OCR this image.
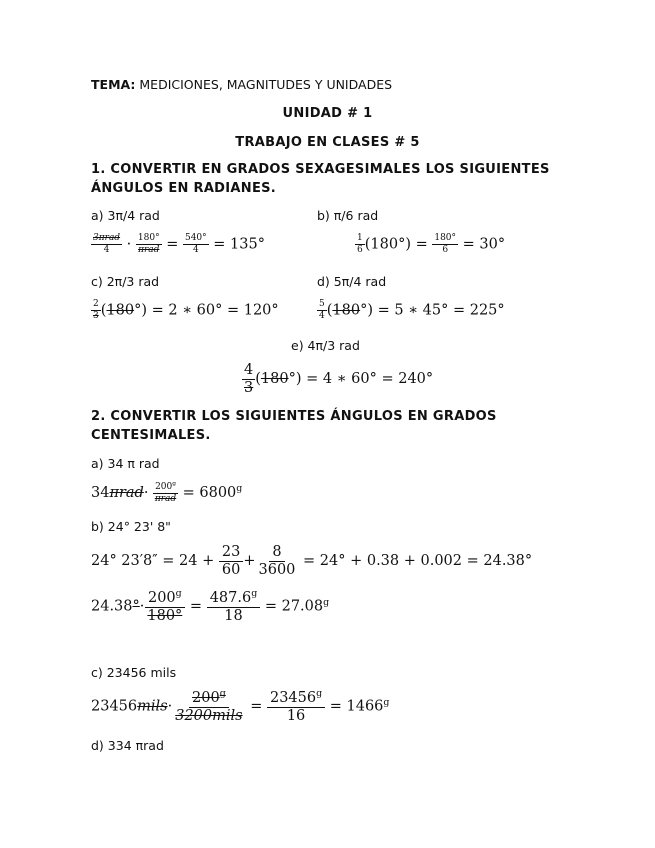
TEMA: MEDICIONES, MAGNITUDES Y UNIDADES
UNIDAD # 1
TRABAJO EN CLASES # 5
1. CONVERTIR EN GRADOS SEXAGESIMALES LOS SIGUIENTES
ÁNGULOS EN RADIANES.
a) 3π/4 rad	b) π/6 rad
3πrad
4 · 180°
$\pi rad = \frac{540^\circ}{4} = 135^\circ$	$\frac{1}{6} (180^\circ) = \frac{180^\circ}{6} = 30^\circ$
c) 2π/3 rad	d) 5π/4 rad
$\frac{2}{3} (180^\circ) = 2$ ∗ 60° = 120°	$\frac{5}{4} (180^\circ) = 5$ ∗ 45° = 225°
e) 4π/3 rad
$\frac{4}{3} (180^\circ) = 4$ ∗ 60° = 240°
2. CONVERTIR LOS SIGUIENTES ÁNGULOS EN GRADOS
CENTESIMALES.
a) 34 π rad
$34\pi rad\cdot 200^g$
$\pi rad = 6800^g$
b) 24° 23' 8"
24° $23'8'' = 24 + \frac{23}{60} + \frac{8}{3600} = 24^\circ + 0.38 + 0.002 = 24.38^\circ$
$24.38^\circ\cdot \frac{200^g}{180^\circ} = \frac{487.6^g}{18} = 27.08^g$
c) 23456 mils
23456mils·
$200^g$
3200mils
= $\frac{23456^g}{16} = 1466^g$
d) 334 πrad
